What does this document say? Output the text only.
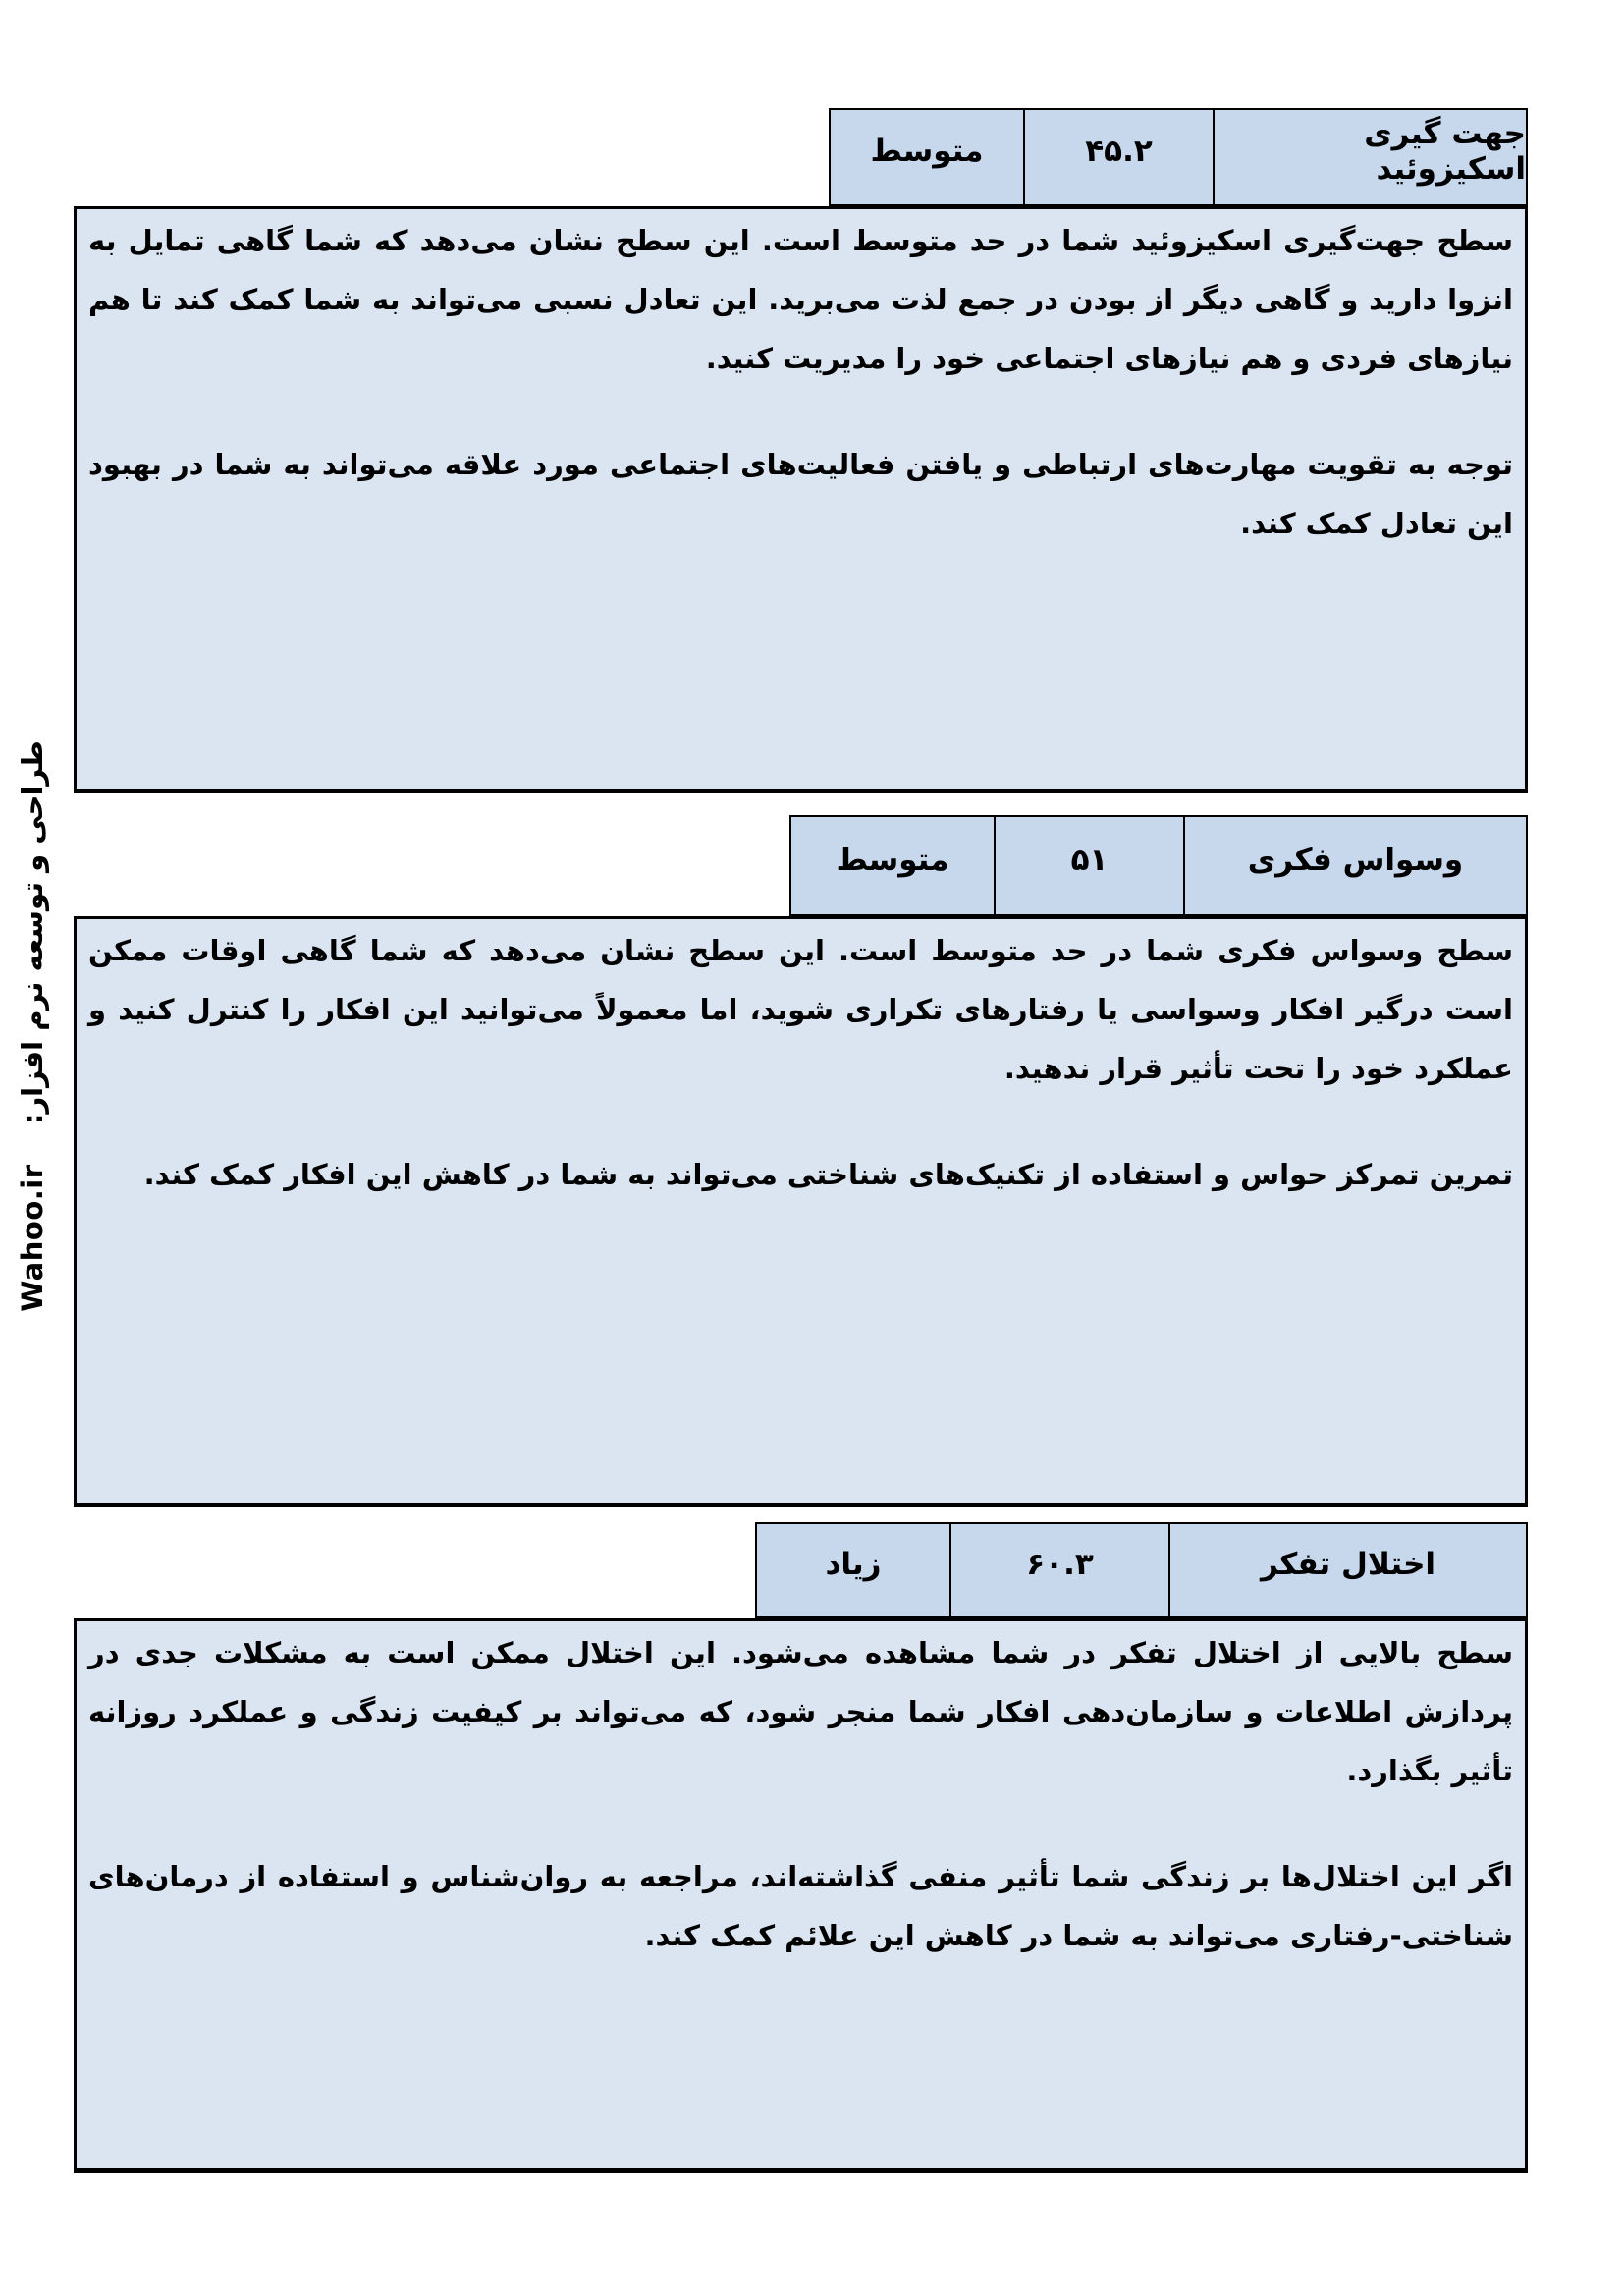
طراحی و توسعه نرم افزار:    Wahoo.ir
متوسط	۴۵.۲	جهت گیری اسکیزوئید

سطح جهت‌گیری اسکیزوئید شما در حد متوسط است. این سطح نشان می‌دهد که شما گاهی تمایل به انزوا دارید و گاهی دیگر از بودن در جمع لذت می‌برید. این تعادل نسبی می‌تواند به شما کمک کند تا هم نیازهای فردی و هم نیازهای اجتماعی خود را مدیریت کنید.

توجه به تقویت مهارت‌های ارتباطی و یافتن فعالیت‌های اجتماعی مورد علاقه می‌تواند به شما در بهبود این تعادل کمک کند.

متوسط	۵۱	وسواس فکری

سطح وسواس فکری شما در حد متوسط است. این سطح نشان می‌دهد که شما گاهی اوقات ممکن است درگیر افکار وسواسی یا رفتارهای تکراری شوید، اما معمولاً می‌توانید این افکار را کنترل کنید و عملکرد خود را تحت تأثیر قرار ندهید.

تمرین تمرکز حواس و استفاده از تکنیک‌های شناختی می‌تواند به شما در کاهش این افکار کمک کند.

زیاد	۶۰.۳	اختلال تفکر

سطح بالایی از اختلال تفکر در شما مشاهده می‌شود. این اختلال ممکن است به مشکلات جدی در پردازش اطلاعات و سازمان‌دهی افکار شما منجر شود، که می‌تواند بر کیفیت زندگی و عملکرد روزانه تأثیر بگذارد.

اگر این اختلال‌ها بر زندگی شما تأثیر منفی گذاشته‌اند، مراجعه به روان‌شناس و استفاده از درمان‌های شناختی-رفتاری می‌تواند به شما در کاهش این علائم کمک کند.
